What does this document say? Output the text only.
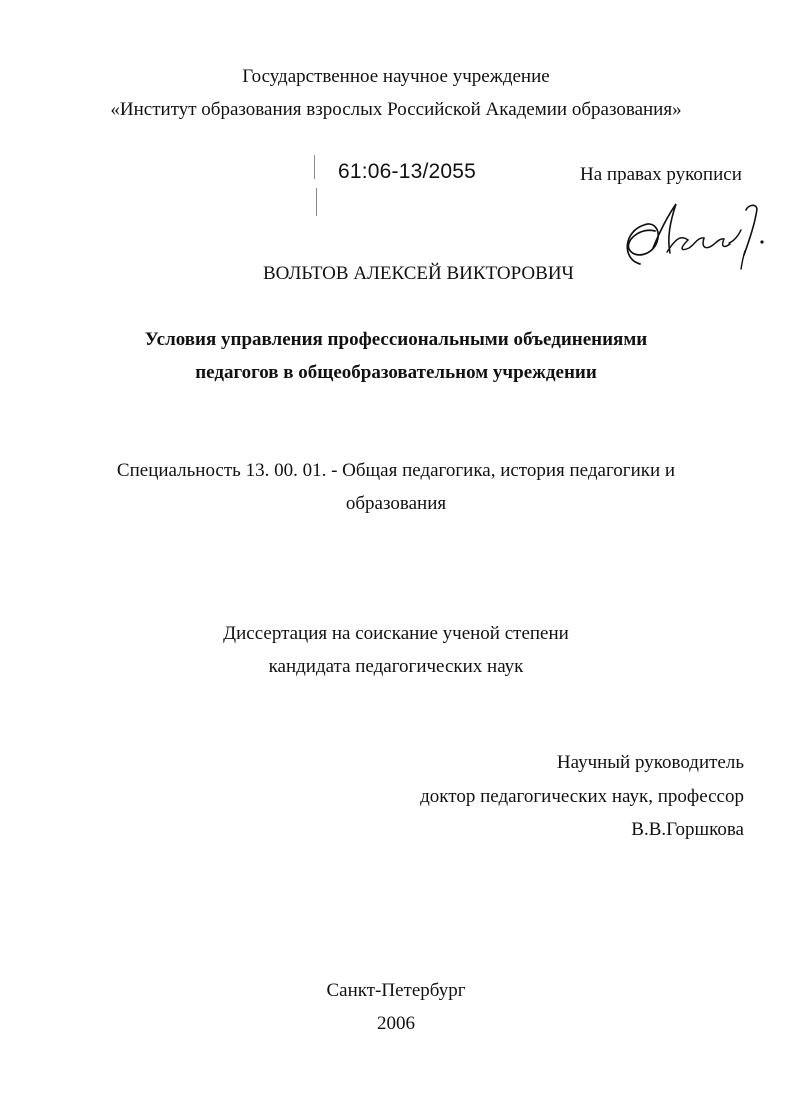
Государственное научное учреждение
«Институт образования взрослых Российской Академии образования»
61:06-13/2055	На правах рукописи
ВОЛЬТОВ АЛЕКСЕЙ ВИКТОРОВИЧ
Условия управления профессиональными объединениями
педагогов в общеобразовательном учреждении
Специальность 13. 00. 01. - Общая педагогика, история педагогики и
образования
Диссертация на соискание ученой степени
кандидата педагогических наук
Научный руководитель
доктор педагогических наук, профессор
В.В.Горшкова
Санкт-Петербург
2006
